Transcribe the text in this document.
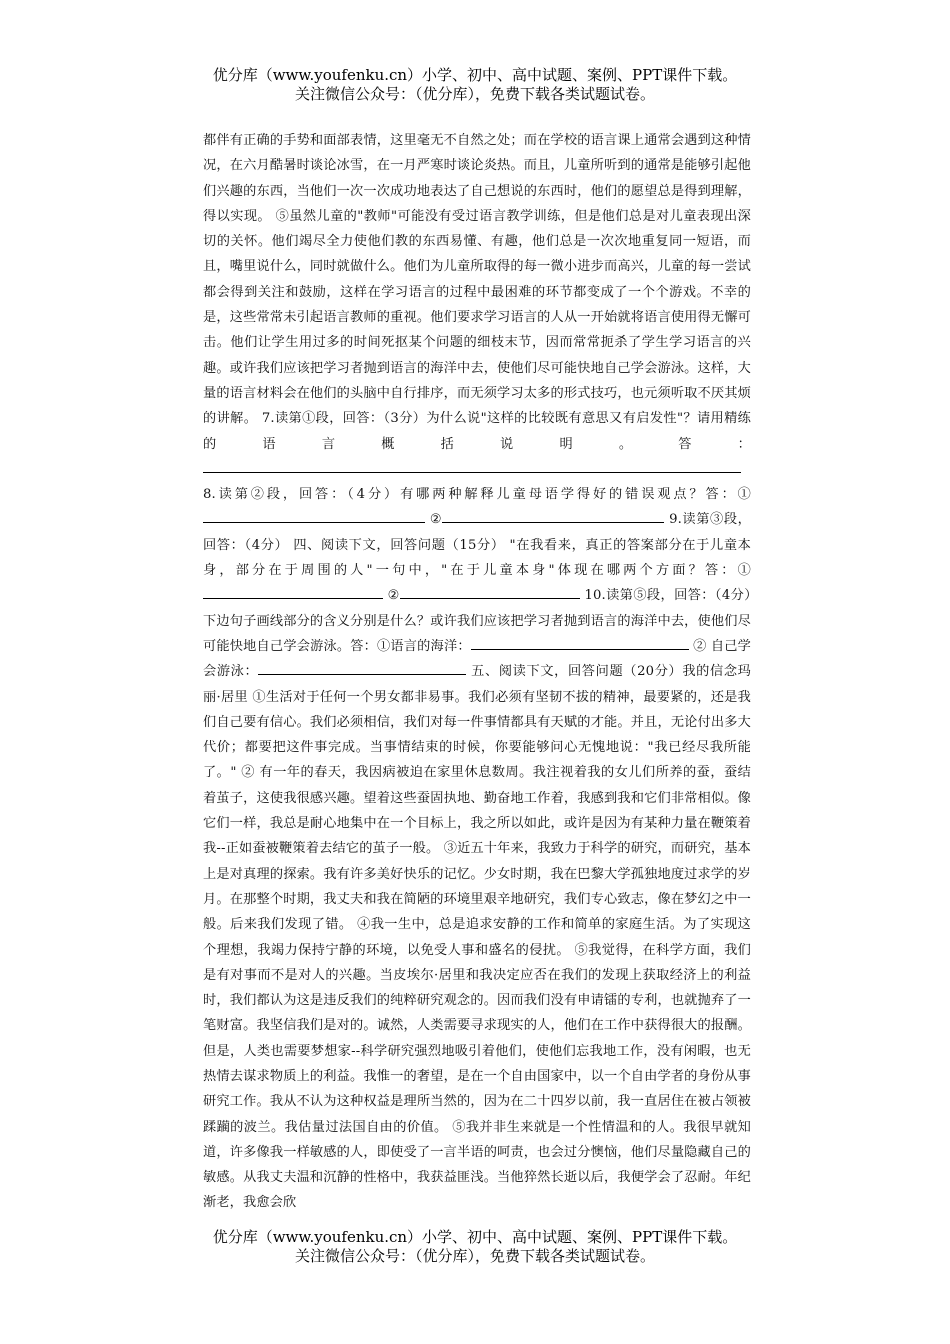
优分库（www.youfenku.cn）小学、初中、高中试题、案例、PPT课件下载。
关注微信公众号：（优分库），免费下载各类试题试卷。
都伴有正确的手势和面部表情，这里毫无不自然之处；而在学校的语言课上通常会遇到这种情况，在六月酷暑时谈论冰雪，在一月严寒时谈论炎热。而且，儿童所听到的通常是能够引起他们兴趣的东西，当他们一次一次成功地表达了自己想说的东西时，他们的愿望总是得到理解，得以实现。 ⑤虽然儿童的"教师"可能没有受过语言教学训练，但是他们总是对儿童表现出深切的关怀。他们竭尽全力使他们教的东西易懂、有趣，他们总是一次次地重复同一短语，而且，嘴里说什么，同时就做什么。他们为儿童所取得的每一微小进步而高兴，儿童的每一尝试都会得到关注和鼓励，这样在学习语言的过程中最困难的环节都变成了一个个游戏。不幸的是，这些常常未引起语言教师的重视。他们要求学习语言的人从一开始就将语言使用得无懈可击。他们让学生用过多的时间死抠某个问题的细枝末节，因而常常扼杀了学生学习语言的兴趣。或许我们应该把学习者抛到语言的海洋中去，使他们尽可能快地自己学会游泳。这样，大量的语言材料会在他们的头脑中自行排序，而无须学习太多的形式技巧，也元须听取不厌其烦的讲解。 7.读第①段，回答：（3分）为什么说"这样的比较既有意思又有启发性"？请用精练的语言概括说明。答： 8.读第②段，回答：（4分）有哪两种解释儿童母语学得好的错误观点？答：① ②	9.读第③段，回答：（4分） 四、阅读下文，回答问题（15分） "在我看来，真正的答案部分在于儿童本身，部分在于周围的人"一句中，"在于儿童本身"体现在哪两个方面？答：① ②	10.读第⑤段，回答：（4分）下边句子画线部分的含义分别是什么？或许我们应该把学习者抛到语言的海洋中去，使他们尽可能快地自己学会游泳。答：①语言的海洋：	② 自己学会游泳：	五、阅读下文，回答问题（20分）我的信念玛丽·居里 ①生活对于任何一个男女都非易事。我们必须有坚韧不拔的精神，最要紧的，还是我们自己要有信心。我们必须相信，我们对每一件事情都具有天赋的才能。并且，无论付出多大代价；都要把这件事完成。当事情结束的时候，你要能够问心无愧地说："我已经尽我所能了。" ② 有一年的春天，我因病被迫在家里休息数周。我注视着我的女儿们所养的蚕，蚕结着茧子，这使我很感兴趣。望着这些蚕固执地、勤奋地工作着，我感到我和它们非常相似。像它们一样，我总是耐心地集中在一个目标上，我之所以如此，或许是因为有某种力量在鞭策着我--正如蚕被鞭策着去结它的茧子一般。 ③近五十年来，我致力于科学的研究，而研究，基本上是对真理的探索。我有许多美好快乐的记忆。少女时期，我在巴黎大学孤独地度过求学的岁月。在那整个时期，我丈夫和我在简陋的环境里艰辛地研究，我们专心致志，像在梦幻之中一般。后来我们发现了错。 ④我一生中，总是追求安静的工作和简单的家庭生活。为了实现这个理想，我竭力保持宁静的环境，以免受人事和盛名的侵扰。 ⑤我觉得，在科学方面，我们是有对事而不是对人的兴趣。当皮埃尔·居里和我决定应否在我们的发现上获取经济上的利益时，我们都认为这是违反我们的纯粹研究观念的。因而我们没有申请镭的专利，也就抛弃了一笔财富。我坚信我们是对的。诚然，人类需要寻求现实的人，他们在工作中获得很大的报酬。但是，人类也需要梦想家--科学研究强烈地吸引着他们，使他们忘我地工作，没有闲暇，也无热情去谋求物质上的利益。我惟一的奢望，是在一个自由国家中，以一个自由学者的身份从事研究工作。我从不认为这种权益是理所当然的，因为在二十四岁以前，我一直居住在被占领被蹂躏的波兰。我估量过法国自由的价值。 ⑤我并非生来就是一个性情温和的人。我很早就知道，许多像我一样敏感的人，即使受了一言半语的呵责，也会过分懊恼，他们尽量隐藏自己的敏感。从我丈夫温和沉静的性格中，我获益匪浅。当他猝然长逝以后，我便学会了忍耐。年纪渐老，我愈会欣
优分库（www.youfenku.cn）小学、初中、高中试题、案例、PPT课件下载。
关注微信公众号：（优分库），免费下载各类试题试卷。
